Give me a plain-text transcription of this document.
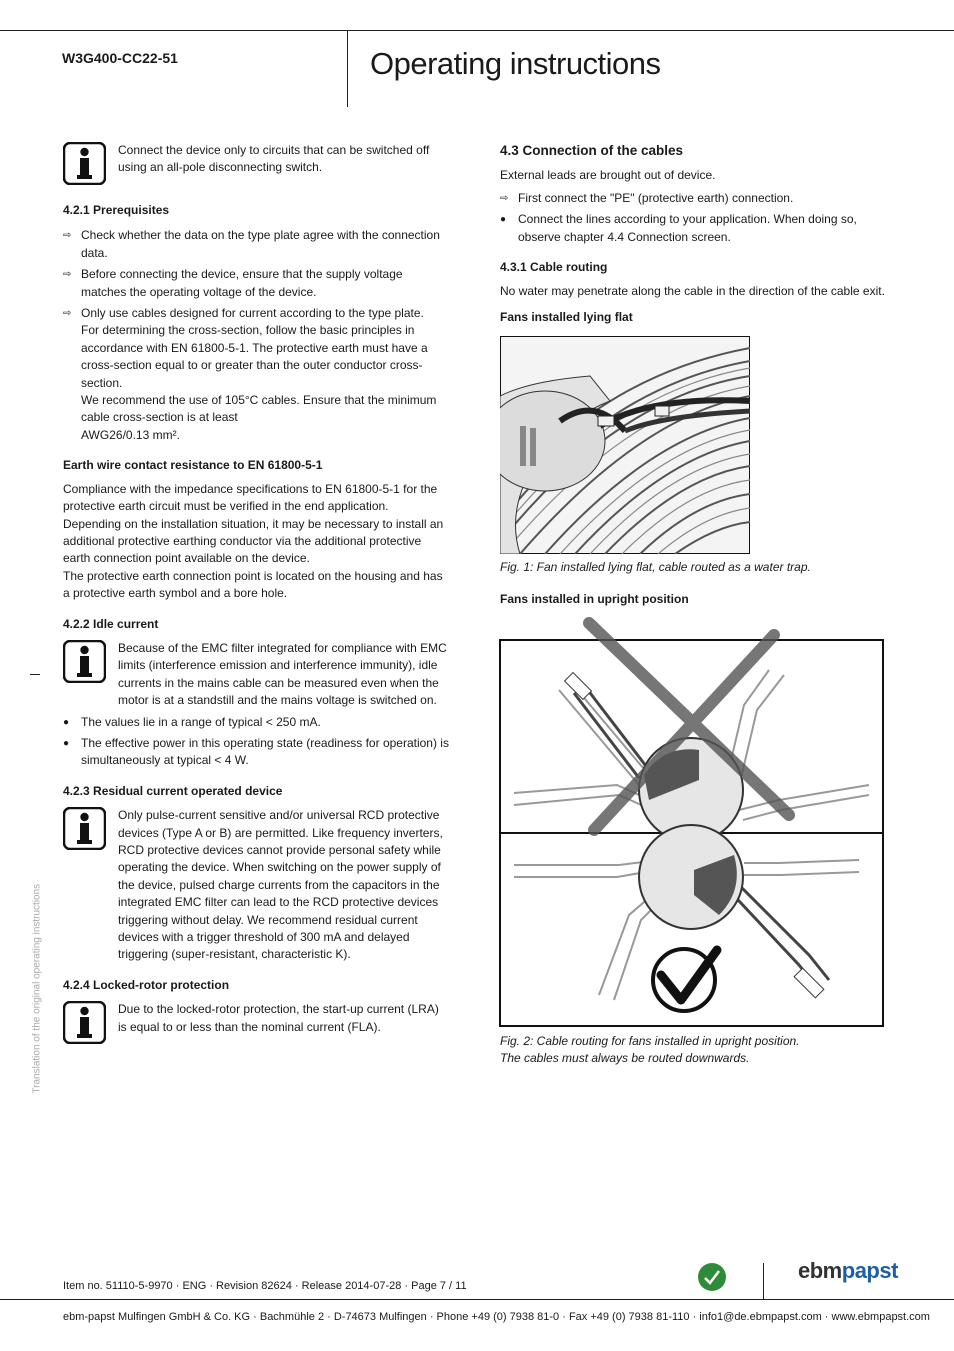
W3G400-CC22-51	Operating instructions
Translation of the original operating instructions
Connect the device only to circuits that can be switched off using an all-pole disconnecting switch.
4.2.1 Prerequisites
⇨ Check whether the data on the type plate agree with the connection data.
⇨ Before connecting the device, ensure that the supply voltage matches the operating voltage of the device.
⇨ Only use cables designed for current according to the type plate.
For determining the cross-section, follow the basic principles in accordance with EN 61800-5-1. The protective earth must have a cross-section equal to or greater than the outer conductor cross-section.
We recommend the use of 105°C cables. Ensure that the minimum cable cross-section is at least
AWG26/0.13 mm².
Earth wire contact resistance to EN 61800-5-1
Compliance with the impedance specifications to EN 61800-5-1 for the protective earth circuit must be verified in the end application.
Depending on the installation situation, it may be necessary to install an additional protective earthing conductor via the additional protective earth connection point available on the device.
The protective earth connection point is located on the housing and has a protective earth symbol and a bore hole.
4.2.2 Idle current
Because of the EMC filter integrated for compliance with EMC limits (interference emission and interference immunity), idle currents in the mains cable can be measured even when the motor is at a standstill and the mains voltage is switched on.
● The values lie in a range of typical < 250 mA.
● The effective power in this operating state (readiness for operation) is simultaneously at typical < 4 W.
4.2.3 Residual current operated device
Only pulse-current sensitive and/or universal RCD protective devices (Type A or B) are permitted. Like frequency inverters, RCD protective devices cannot provide personal safety while operating the device. When switching on the power supply of the device, pulsed charge currents from the capacitors in the integrated EMC filter can lead to the RCD protective devices triggering without delay. We recommend residual current devices with a trigger threshold of 300 mA and delayed triggering (super-resistant, characteristic K).
4.2.4 Locked-rotor protection
Due to the locked-rotor protection, the start-up current (LRA) is equal to or less than the nominal current (FLA).
4.3 Connection of the cables
External leads are brought out of device.
⇨ First connect the "PE" (protective earth) connection.
● Connect the lines according to your application. When doing so, observe chapter 4.4 Connection screen.
4.3.1 Cable routing
No water may penetrate along the cable in the direction of the cable exit.
Fans installed lying flat
Fig. 1: Fan installed lying flat, cable routed as a water trap.
Fans installed in upright position
Fig. 2: Cable routing for fans installed in upright position.
The cables must always be routed downwards.
Item no. 51110-5-9970 · ENG · Revision 82624 · Release 2014-07-28 · Page 7 / 11
ebmpapst
ebm-papst Mulfingen GmbH & Co. KG · Bachmühle 2 · D-74673 Mulfingen · Phone +49 (0) 7938 81-0 · Fax +49 (0) 7938 81-110 · info1@de.ebmpapst.com · www.ebmpapst.com
